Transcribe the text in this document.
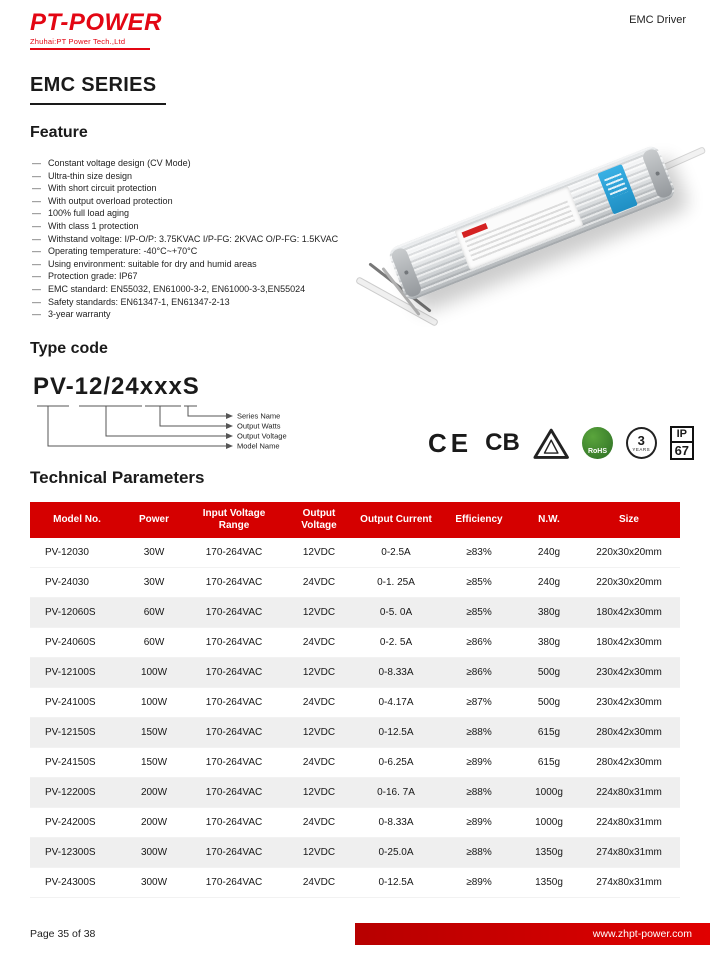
EMC Driver
PT-POWER
Zhuhai:PT Power Tech.,Ltd
EMC SERIES
Feature
— Constant voltage design (CV Mode)
— Ultra-thin size design
— With short circuit protection
— With output overload protection
— 100% full load aging
— With class 1 protection
— Withstand voltage: I/P-O/P: 3.75KVAC I/P-FG: 2KVAC O/P-FG: 1.5KVAC
— Operating temperature: -40°C~+70°C
— Using environment: suitable for dry and humid areas
— Protection grade: IP67
— EMC standard: EN55032, EN61000-3-2, EN61000-3-3,EN55024
— Safety standards: EN61347-1, EN61347-2-13
— 3-year warranty
Type code
PV-12/24xxxS
Series Name
Output Watts
Output Voltage
Model Name	CE CB	RoHS
3
YEARS
IP
67
Technical Parameters
Model No.	Power	Input Voltage Range	Output Voltage	Output Current	Efficiency	N.W.	Size
PV-12030	30W	170-264VAC	12VDC	0-2.5A	≥83%	240g	220x30x20mm
PV-24030	30W	170-264VAC	24VDC	0-1. 25A	≥85%	240g	220x30x20mm
PV-12060S	60W	170-264VAC	12VDC	0-5. 0A	≥85%	380g	180x42x30mm
PV-24060S	60W	170-264VAC	24VDC	0-2. 5A	≥86%	380g	180x42x30mm
PV-12100S	100W	170-264VAC	12VDC	0-8.33A	≥86%	500g	230x42x30mm
PV-24100S	100W	170-264VAC	24VDC	0-4.17A	≥87%	500g	230x42x30mm
PV-12150S	150W	170-264VAC	12VDC	0-12.5A	≥88%	615g	280x42x30mm
PV-24150S	150W	170-264VAC	24VDC	0-6.25A	≥89%	615g	280x42x30mm
PV-12200S	200W	170-264VAC	12VDC	0-16. 7A	≥88%	1000g	224x80x31mm
PV-24200S	200W	170-264VAC	24VDC	0-8.33A	≥89%	1000g	224x80x31mm
PV-12300S	300W	170-264VAC	12VDC	0-25.0A	≥88%	1350g	274x80x31mm
PV-24300S	300W	170-264VAC	24VDC	0-12.5A	≥89%	1350g	274x80x31mm
Page 35 of 38	www.zhpt-power.com
